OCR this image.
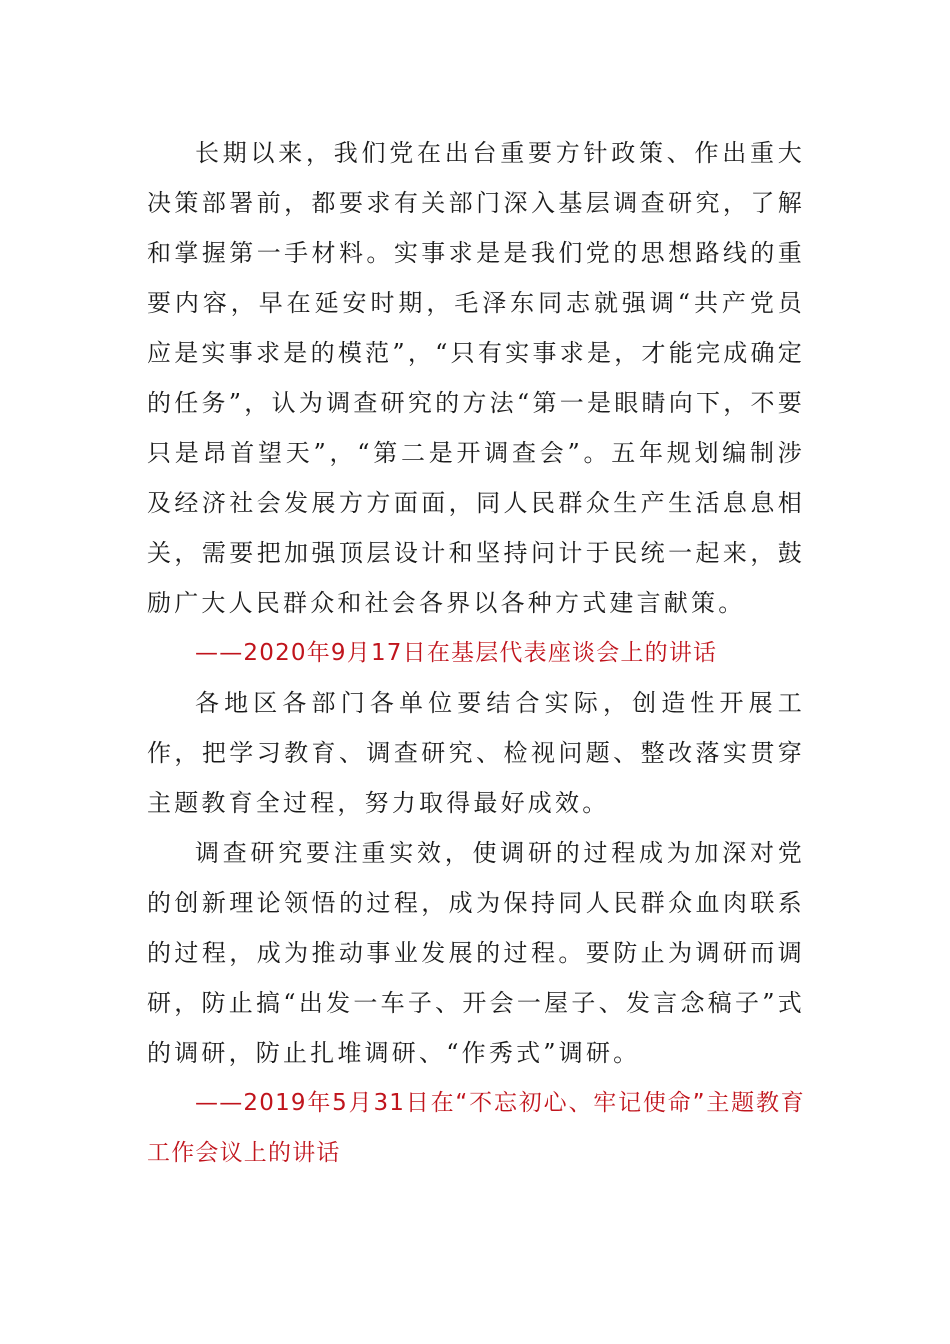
长期以来，我们党在出台重要方针政策、作出重大决策部署前，都要求有关部门深入基层调查研究，了解和掌握第一手材料。实事求是是我们党的思想路线的重要内容，早在延安时期，毛泽东同志就强调“共产党员应是实事求是的模范”，“只有实事求是，才能完成确定的任务”，认为调查研究的方法“第一是眼睛向下，不要只是昂首望天”，“第二是开调查会”。五年规划编制涉及经济社会发展方方面面，同人民群众生产生活息息相关，需要把加强顶层设计和坚持问计于民统一起来，鼓励广大人民群众和社会各界以各种方式建言献策。

——2020年9月17日在基层代表座谈会上的讲话

各地区各部门各单位要结合实际，创造性开展工作，把学习教育、调查研究、检视问题、整改落实贯穿主题教育全过程，努力取得最好成效。

调查研究要注重实效，使调研的过程成为加深对党的创新理论领悟的过程，成为保持同人民群众血肉联系的过程，成为推动事业发展的过程。要防止为调研而调研，防止搞“出发一车子、开会一屋子、发言念稿子”式的调研，防止扎堆调研、“作秀式”调研。

——2019年5月31日在“不忘初心、牢记使命”主题教育工作会议上的讲话
